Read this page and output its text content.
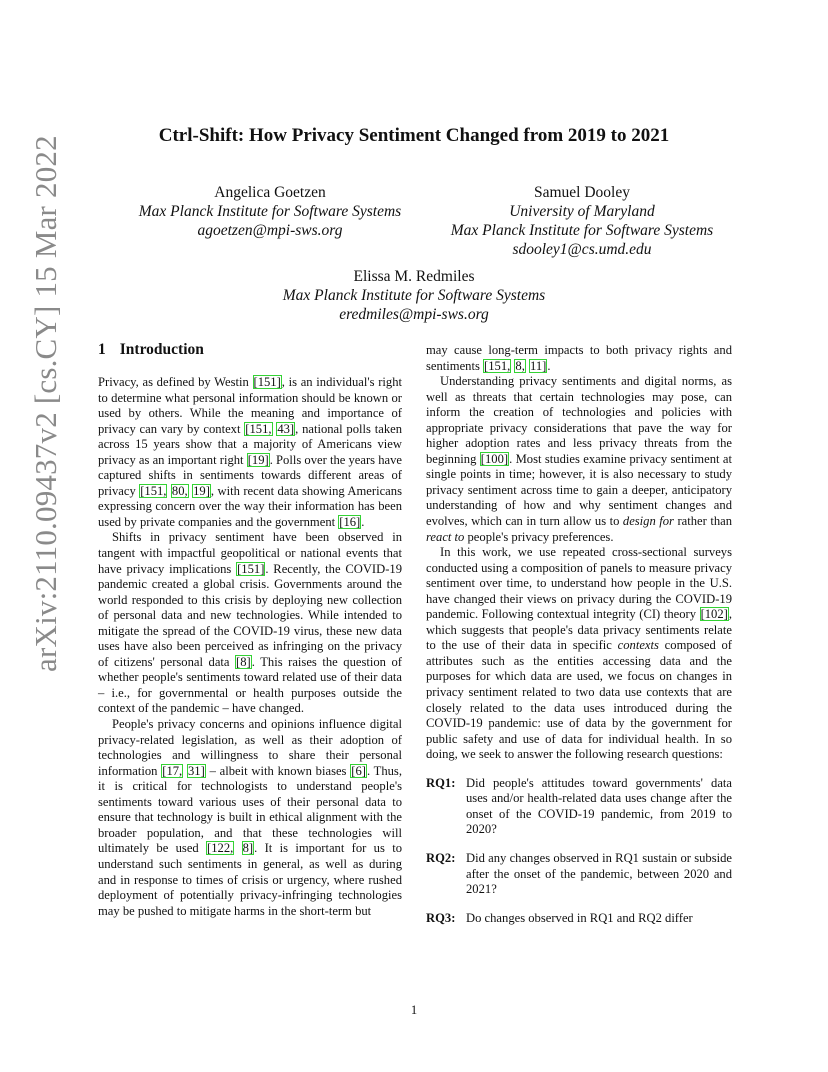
arXiv:2110.09437v2 [cs.CY] 15 Mar 2022	Ctrl-Shift: How Privacy Sentiment Changed from 2019 to 2021
Angelica Goetzen
Max Planck Institute for Software Systems
agoetzen@mpi-sws.org
Samuel Dooley
University of Maryland
Max Planck Institute for Software Systems
sdooley1@cs.umd.edu
Elissa M. Redmiles
Max Planck Institute for Software Systems
eredmiles@mpi-sws.org
1 Introduction

Privacy, as defined by Westin [151], is an individual's right to determine what personal information should be known or used by others. While the meaning and importance of privacy can vary by context [151, 43], national polls taken across 15 years show that a majority of Americans view privacy as an important right [19]. Polls over the years have captured shifts in sentiments towards different areas of privacy [151, 80, 19], with recent data showing Americans expressing concern over the way their information has been used by private companies and the government [16].

Shifts in privacy sentiment have been observed in tangent with impactful geopolitical or national events that have privacy implications [151]. Recently, the COVID-19 pandemic created a global crisis. Governments around the world responded to this crisis by deploying new collection of personal data and new technologies. While intended to mitigate the spread of the COVID-19 virus, these new data uses have also been perceived as infringing on the privacy of citizens' personal data [8]. This raises the question of whether people's sentiments toward related use of their data – i.e., for governmental or health purposes outside the context of the pandemic – have changed.

People's privacy concerns and opinions influence digital privacy-related legislation, as well as their adoption of technologies and willingness to share their personal information [17, 31] – albeit with known biases [6]. Thus, it is critical for technologists to understand people's sentiments toward various uses of their personal data to ensure that technology is built in ethical alignment with the broader population, and that these technologies will ultimately be used [122, 8]. It is important for us to understand such sentiments in general, as well as during and in response to times of crisis or urgency, where rushed deployment of potentially privacy-infringing technologies may be pushed to mitigate harms in the short-term but

may cause long-term impacts to both privacy rights and sentiments [151, 8, 11].

Understanding privacy sentiments and digital norms, as well as threats that certain technologies may pose, can inform the creation of technologies and policies with appropriate privacy considerations that pave the way for higher adoption rates and less privacy threats from the beginning [100]. Most studies examine privacy sentiment at single points in time; however, it is also necessary to study privacy sentiment across time to gain a deeper, anticipatory understanding of how and why sentiment changes and evolves, which can in turn allow us to design for rather than react to people's privacy preferences.

In this work, we use repeated cross-sectional surveys conducted using a composition of panels to measure privacy sentiment over time, to understand how people in the U.S. have changed their views on privacy during the COVID-19 pandemic. Following contextual integrity (CI) theory [102], which suggests that people's data privacy sentiments relate to the use of their data in specific contexts composed of attributes such as the entities accessing data and the purposes for which data are used, we focus on changes in privacy sentiment related to two data use contexts that are closely related to the data uses introduced during the COVID-19 pandemic: use of data by the government for public safety and use of data for individual health. In so doing, we seek to answer the following research questions:

RQ1: Did people's attitudes toward governments' data uses and/or health-related data uses change after the onset of the COVID-19 pandemic, from 2019 to 2020?
RQ2: Did any changes observed in RQ1 sustain or subside after the onset of the pandemic, between 2020 and 2021?
RQ3: Do changes observed in RQ1 and RQ2 differ
1
